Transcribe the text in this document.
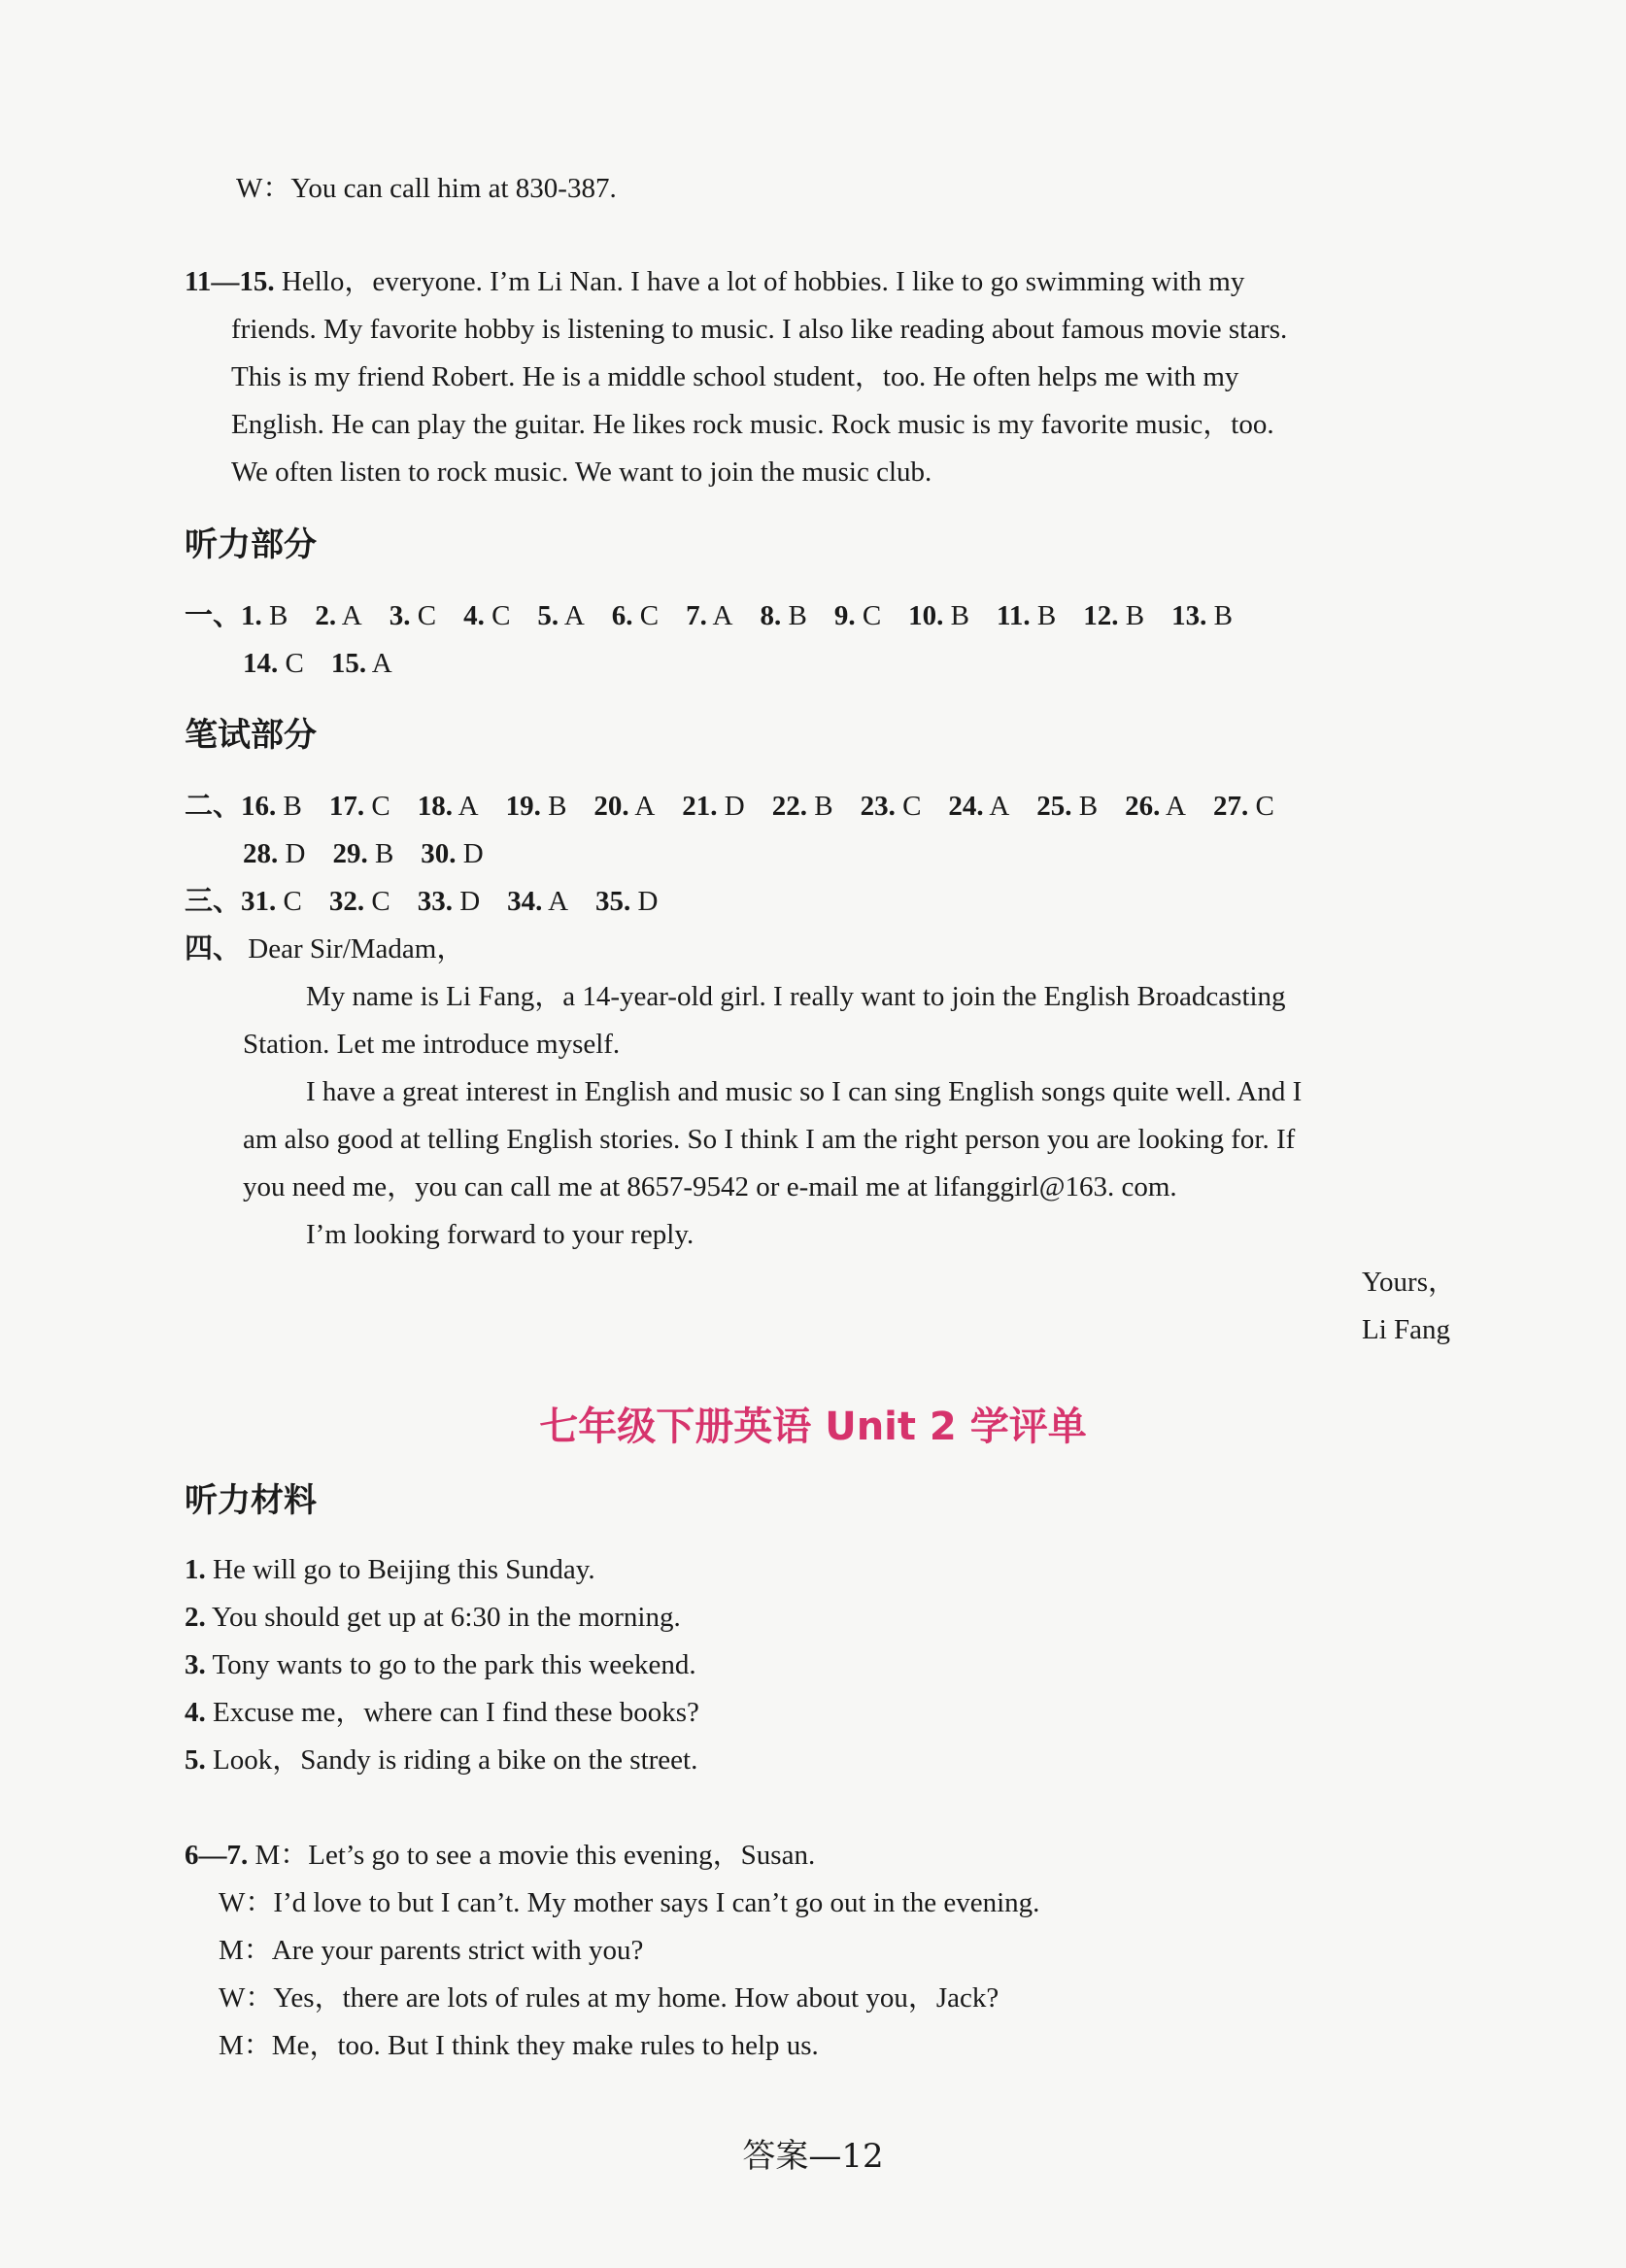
W：You can call him at 830-387.
11—15. Hello，everyone. I’m Li Nan. I have a lot of hobbies. I like to go swimming with my
friends. My favorite hobby is listening to music. I also like reading about famous movie stars.
This is my friend Robert. He is a middle school student，too. He often helps me with my
English. He can play the guitar. He likes rock music. Rock music is my favorite music，too.
We often listen to rock music. We want to join the music club.
听力部分
一、 1. B 2. A 3. C 4. C 5. A 6. C 7. A 8. B 9. C 10. B 11. B 12. B 13. B
14. C 15. A
笔试部分
二、 16. B 17. C 18. A 19. B 20. A 21. D 22. B 23. C 24. A 25. B 26. A 27. C
28. D 29. B 30. D
三、 31. C 32. C 33. D 34. A 35. D
四、 Dear Sir/Madam，
My name is Li Fang，a 14-year-old girl. I really want to join the English Broadcasting
Station. Let me introduce myself.
I have a great interest in English and music so I can sing English songs quite well. And I
am also good at telling English stories. So I think I am the right person you are looking for. If
you need me，you can call me at 8657-9542 or e-mail me at lifanggirl@163. com.
I’m looking forward to your reply.
Yours，
Li Fang
七年级下册英语 Unit 2 学评单
听力材料
1. He will go to Beijing this Sunday.
2. You should get up at 6:30 in the morning.
3. Tony wants to go to the park this weekend.
4. Excuse me，where can I find these books?
5. Look，Sandy is riding a bike on the street.
6—7. M：Let’s go to see a movie this evening，Susan.
W：I’d love to but I can’t. My mother says I can’t go out in the evening.
M：Are your parents strict with you?
W：Yes，there are lots of rules at my home. How about you，Jack?
M：Me，too. But I think they make rules to help us.
答案—12
